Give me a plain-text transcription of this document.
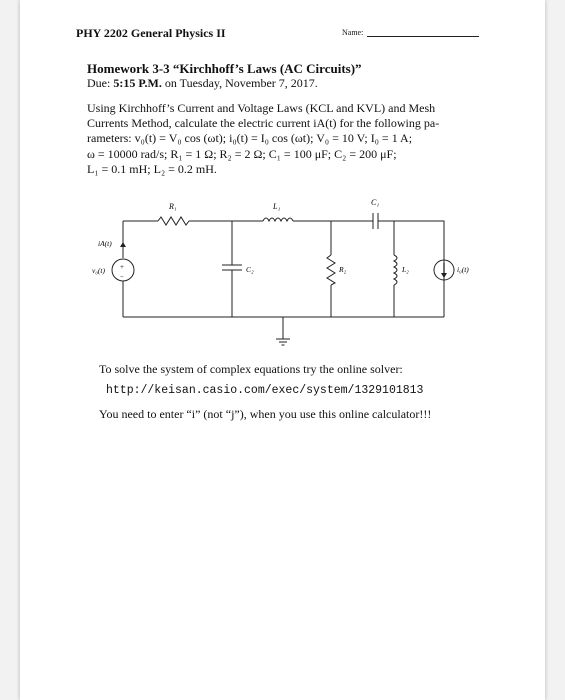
PHY 2202 General Physics II	Name:
Homework 3-3 “Kirchhoff’s Laws (AC Circuits)”
Due: 5:15 P.M. on Tuesday, November 7, 2017.
Using Kirchhoff’s Current and Voltage Laws (KCL and KVL) and Mesh
Currents Method, calculate the electric current iA(t) for the following pa-
rameters: v₀(t) = V₀ cos (ωt); i₀(t) = I₀ cos (ωt); V₀ = 10 V; I₀ = 1 A;
ω = 10000 rad/s; R₁ = 1 Ω; R₂ = 2 Ω; C₁ = 100 μF; C₂ = 200 μF;
L₁ = 0.1 mH; L₂ = 0.2 mH.
R₁	L₁	C₁
C₂	R₂	L₂
iA(t)
v₀(t)	i₀(t)
+
−
To solve the system of complex equations try the online solver:
http://keisan.casio.com/exec/system/1329101813
You need to enter “i” (not “j”), when you use this online calculator!!!
